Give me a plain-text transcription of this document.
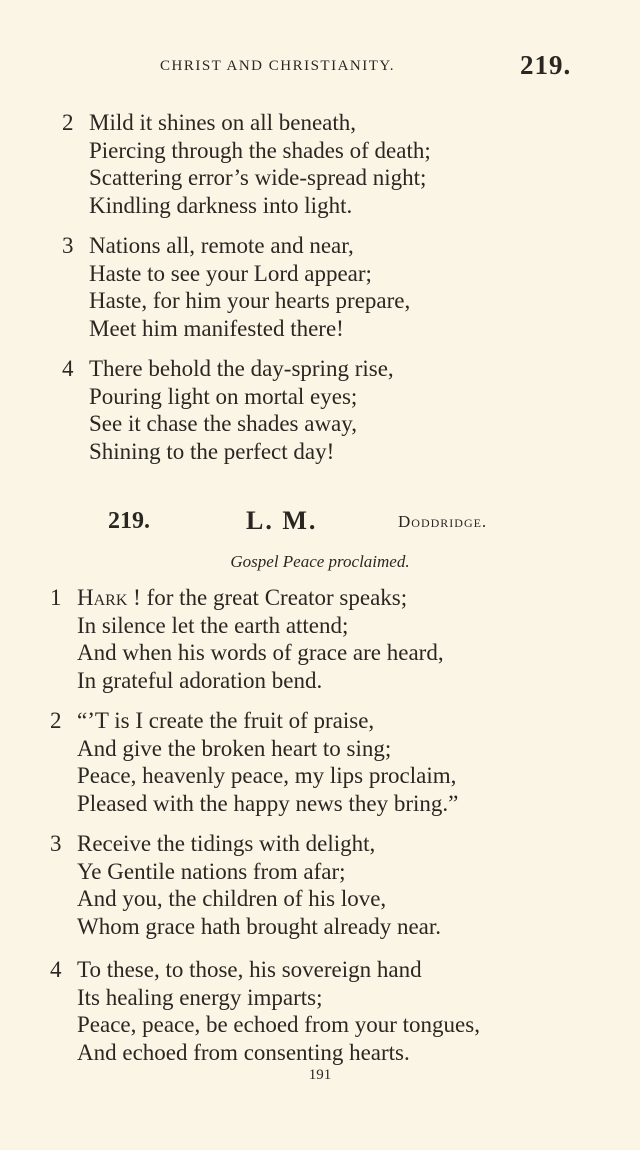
CHRIST AND CHRISTIANITY.	219.
2 Mild it shines on all beneath,
Piercing through the shades of death;
Scattering error’s wide-spread night;
Kindling darkness into light.
3 Nations all, remote and near,
Haste to see your Lord appear;
Haste, for him your hearts prepare,
Meet him manifested there!
4 There behold the day-spring rise,
Pouring light on mortal eyes;
See it chase the shades away,
Shining to the perfect day!
219.	L. M.	Doddridge.
Gospel Peace proclaimed.
1 Hark ! for the great Creator speaks;
In silence let the earth attend;
And when his words of grace are heard,
In grateful adoration bend.
2 “’T is I create the fruit of praise,
And give the broken heart to sing;
Peace, heavenly peace, my lips proclaim,
Pleased with the happy news they bring.”
3 Receive the tidings with delight,
Ye Gentile nations from afar;
And you, the children of his love,
Whom grace hath brought already near.
4 To these, to those, his sovereign hand
Its healing energy imparts;
Peace, peace, be echoed from your tongues,
And echoed from consenting hearts.
191
